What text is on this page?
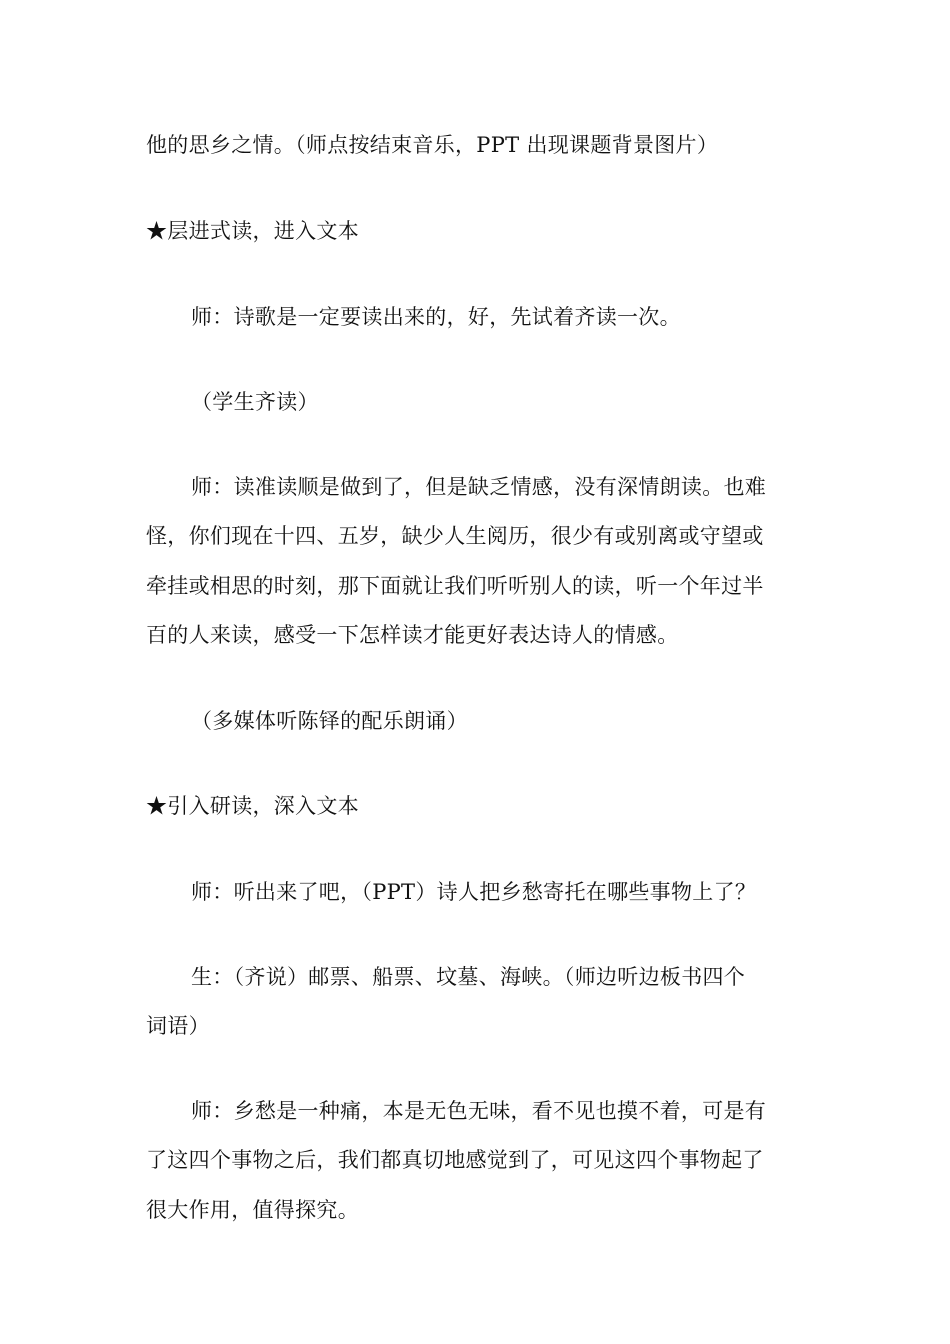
他的思乡之情。（师点按结束音乐，PPT 出现课题背景图片）
★层进式读，进入文本
师：诗歌是一定要读出来的，好，先试着齐读一次。
（学生齐读）
师：读准读顺是做到了，但是缺乏情感，没有深情朗读。也难
怪，你们现在十四、五岁，缺少人生阅历，很少有或别离或守望或
牵挂或相思的时刻，那下面就让我们听听别人的读，听一个年过半
百的人来读，感受一下怎样读才能更好表达诗人的情感。
（多媒体听陈铎的配乐朗诵）
★引入研读，深入文本
师：听出来了吧，（PPT）诗人把乡愁寄托在哪些事物上了？
生：（齐说）邮票、船票、坟墓、海峡。（师边听边板书四个
词语）
师：乡愁是一种痛，本是无色无味，看不见也摸不着，可是有
了这四个事物之后，我们都真切地感觉到了，可见这四个事物起了
很大作用，值得探究。
